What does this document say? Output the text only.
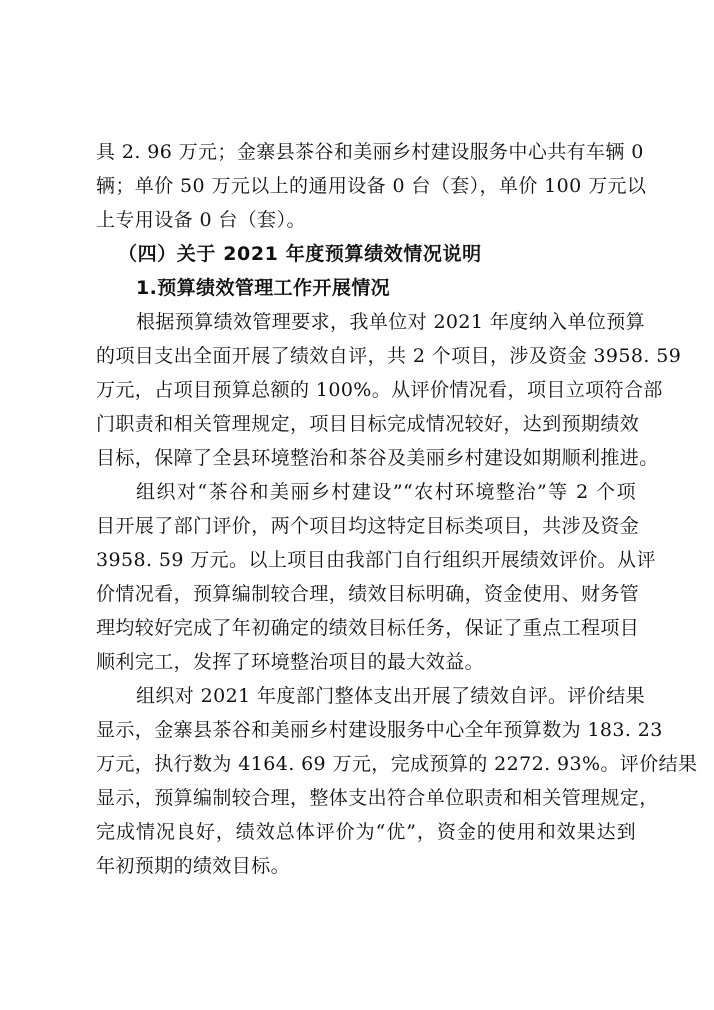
具 2. 96 万元；金寨县茶谷和美丽乡村建设服务中心共有车辆 0
辆；单价 50 万元以上的通用设备 0 台（套），单价 100 万元以
上专用设备 0 台（套）。
（四）关于 2021 年度预算绩效情况说明
1.预算绩效管理工作开展情况
根据预算绩效管理要求，我单位对 2021 年度纳入单位预算
的项目支出全面开展了绩效自评，共 2 个项目，涉及资金 3958. 59
万元，占项目预算总额的 100%。从评价情况看，项目立项符合部
门职责和相关管理规定，项目目标完成情况较好，达到预期绩效
目标，保障了全县环境整治和茶谷及美丽乡村建设如期顺利推进。
组织对“茶谷和美丽乡村建设”“农村环境整治”等 2 个项
目开展了部门评价，两个项目均这特定目标类项目，共涉及资金
3958. 59 万元。以上项目由我部门自行组织开展绩效评价。从评
价情况看，预算编制较合理，绩效目标明确，资金使用、财务管
理均较好完成了年初确定的绩效目标任务，保证了重点工程项目
顺利完工，发挥了环境整治项目的最大效益。
组织对 2021 年度部门整体支出开展了绩效自评。评价结果
显示，金寨县茶谷和美丽乡村建设服务中心全年预算数为 183. 23
万元，执行数为 4164. 69 万元，完成预算的 2272. 93%。评价结果
显示，预算编制较合理，整体支出符合单位职责和相关管理规定，
完成情况良好，绩效总体评价为“优”，资金的使用和效果达到
年初预期的绩效目标。
